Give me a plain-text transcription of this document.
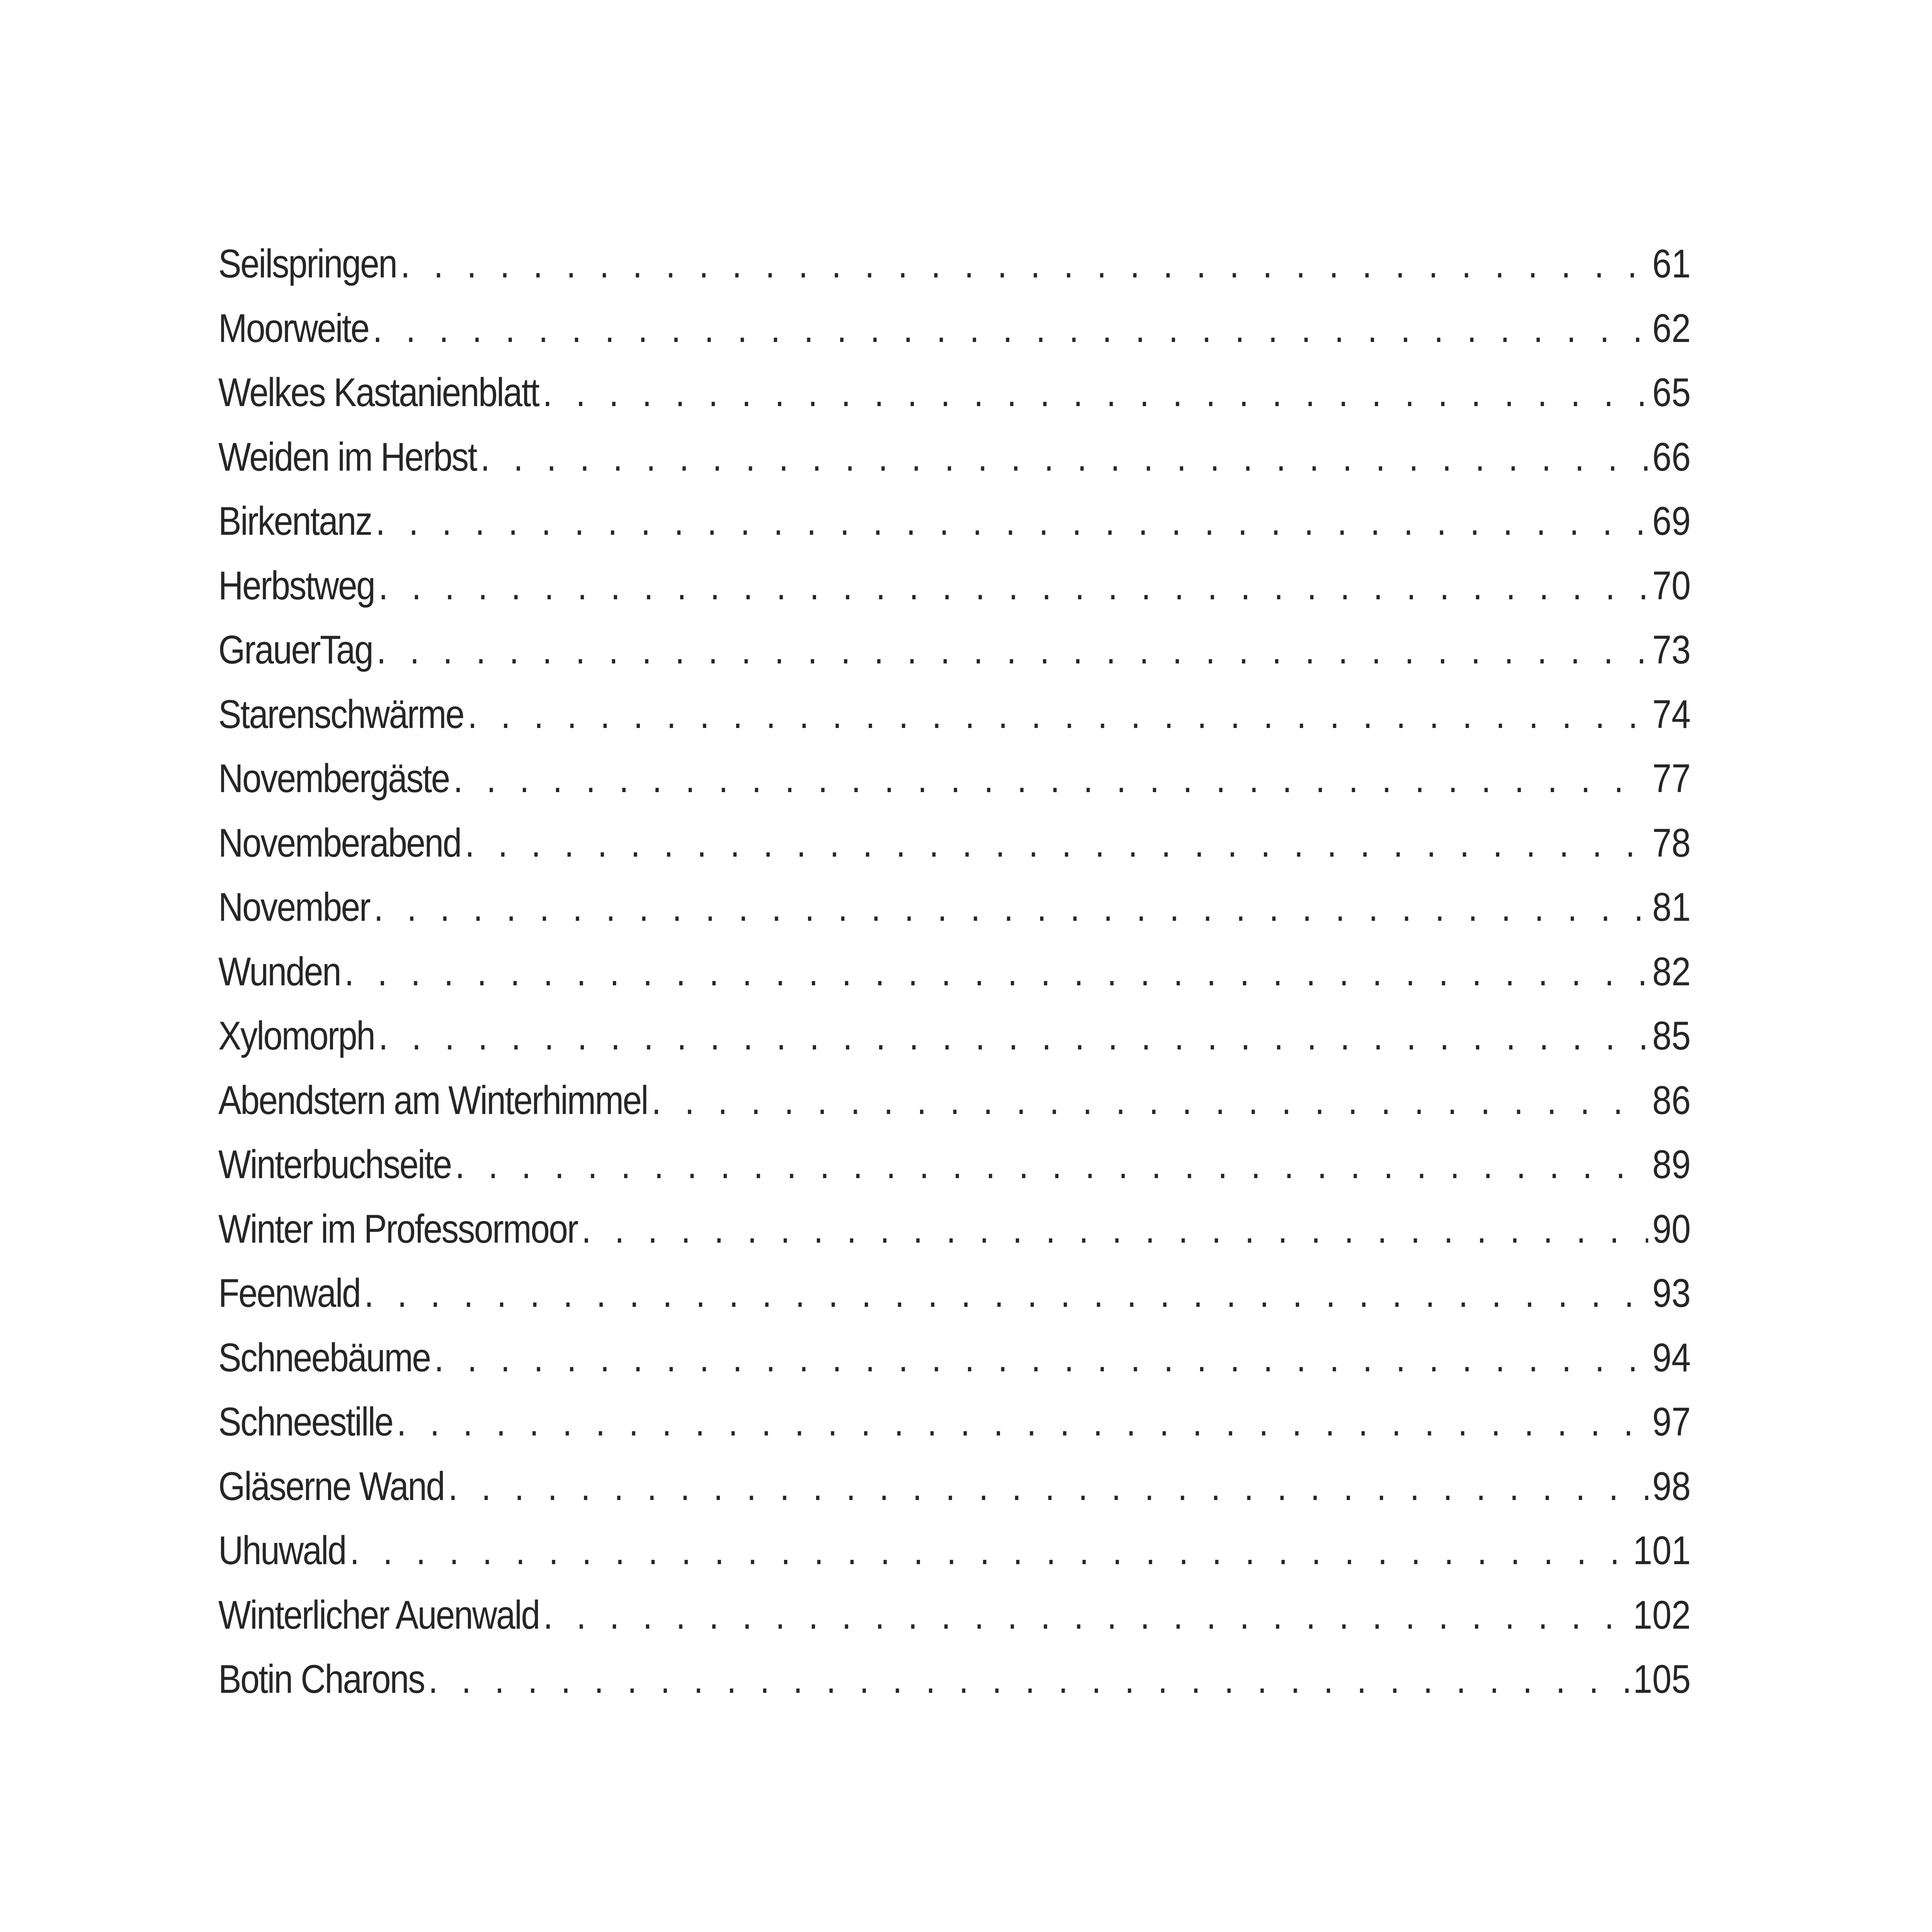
Seilspringen . . .	61
Moorweite . . .	62
Welkes Kastanienblatt . . .	65
Weiden im Herbst . . .	66
Birkentanz . . .	69
Herbstweg . . .	70
GrauerTag . . .	73
Starenschwärme . . .	74
Novembergäste . . .	77
Novemberabend . . .	78
November . . .	81
Wunden . . .	82
Xylomorph . . .	85
Abendstern am Winterhimmel . . .	86
Winterbuchseite . . .	89
Winter im Professormoor . . .	90
Feenwald . . .	93
Schneebäume . . .	94
Schneestille . . .	97
Gläserne Wand . . .	98
Uhuwald . . .	101
Winterlicher Auenwald . . .	102
Botin Charons . . .	105
